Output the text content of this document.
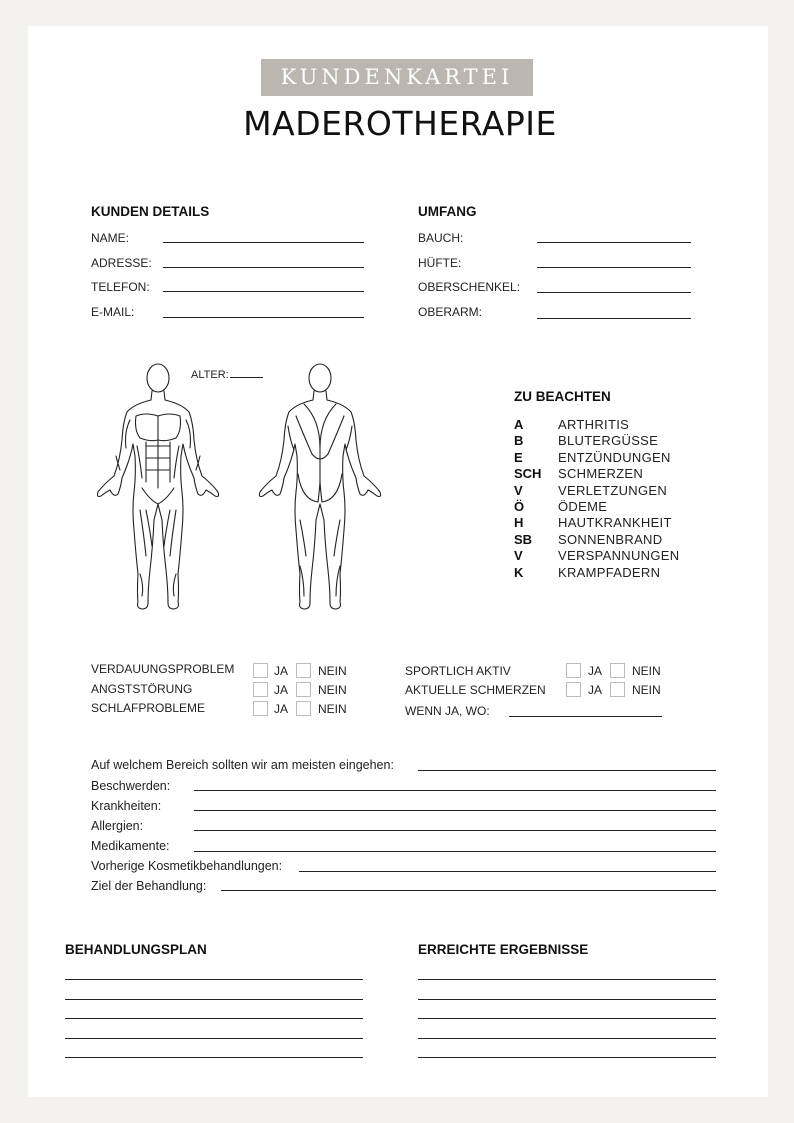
KUNDENKARTEI
MADEROTHERAPIE
KUNDEN DETAILS
NAME:
ADRESSE:
TELEFON:
E-MAIL:
UMFANG
BAUCH:
HÜFTE:
OBERSCHENKEL:
OBERARM:
ALTER:
ZU BEACHTEN
A	ARTHRITIS
B	BLUTERGÜSSE
E	ENTZÜNDUNGEN
SCH SCHMERZEN
V	VERLETZUNGEN
Ö	ÖDEME
H	HAUTKRANKHEIT
SB SONNENBRAND
V	VERSPANNUNGEN
K	KRAMPFADERN
VERDAUUNGSPROBLEM	JA NEIN
ANGSTSTÖRUNG	JA NEIN
SCHLAFPROBLEME	JA NEIN
SPORTLICH AKTIV	JA NEIN
AKTUELLE SCHMERZEN	JA NEIN
WENN JA, WO:
Auf welchem Bereich sollten wir am meisten eingehen:
Beschwerden:
Krankheiten:
Allergien:
Medikamente:
Vorherige Kosmetikbehandlungen:
Ziel der Behandlung:
BEHANDLUNGSPLAN	ERREICHTE ERGEBNISSE
